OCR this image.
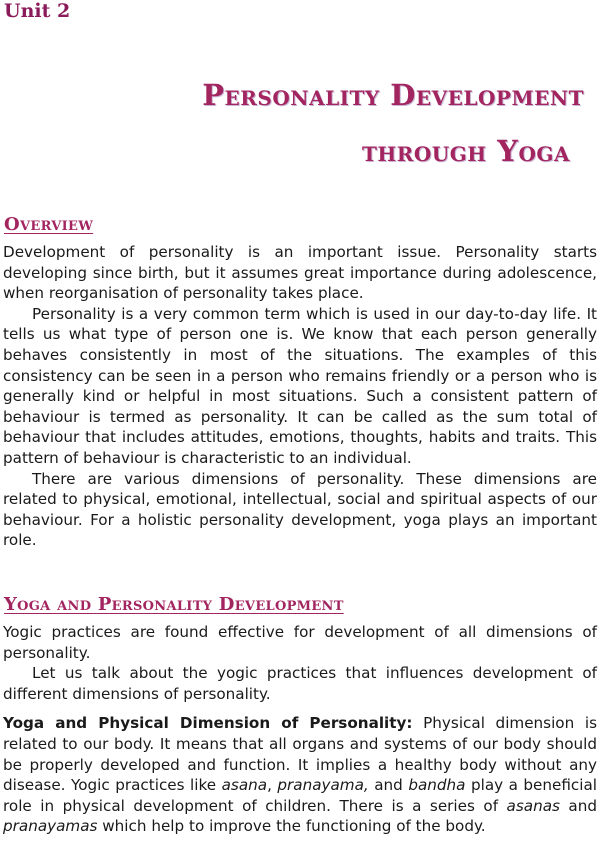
Unit 2
Personality Development
through Yoga
Overview

Development of personality is an important issue. Personality starts developing since birth, but it assumes great importance during adolescence, when reorganisation of personality takes place.

Personality is a very common term which is used in our day-to-day life. It tells us what type of person one is. We know that each person generally behaves consistently in most of the situations. The examples of this consistency can be seen in a person who remains friendly or a person who is generally kind or helpful in most situations. Such a consistent pattern of behaviour is termed as personality. It can be called as the sum total of behaviour that includes attitudes, emotions, thoughts, habits and traits. This pattern of behaviour is characteristic to an individual.

There are various dimensions of personality. These dimensions are related to physical, emotional, intellectual, social and spiritual aspects of our behaviour. For a holistic personality development, yoga plays an important role.

Yoga and Personality Development

Yogic practices are found effective for development of all dimensions of personality.

Let us talk about the yogic practices that influences development of different dimensions of personality.

Yoga and Physical Dimension of Personality: Physical dimension is related to our body. It means that all organs and systems of our body should be properly developed and function. It implies a healthy body without any disease. Yogic practices like asana, pranayama, and bandha play a beneficial role in physical development of children. There is a series of asanas and pranayamas which help to improve the functioning of the body.
